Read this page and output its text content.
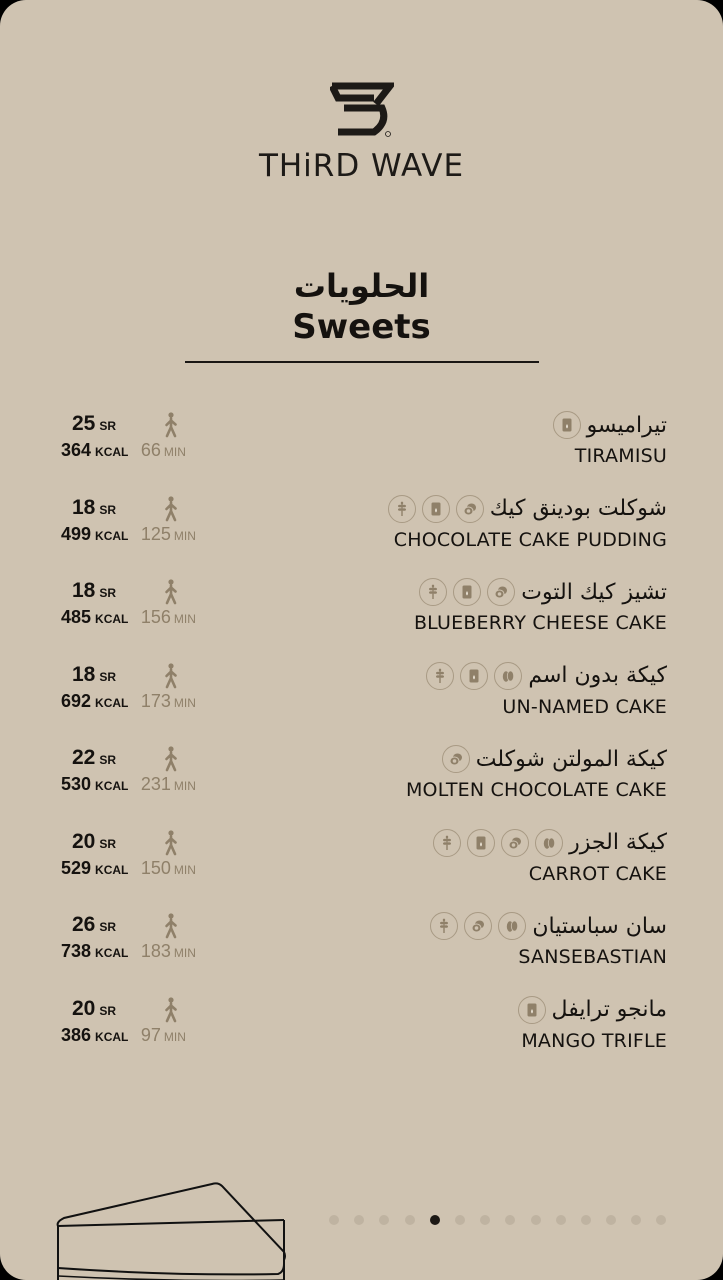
THiRD WAVE
الحلويات
Sweets
25 SR
364 KCAL 66 MIN
تيراميسو
TIRAMISU
18 SR
499 KCAL 125 MIN
شوكلت بودينق كيك
CHOCOLATE CAKE PUDDING
18 SR
485 KCAL 156 MIN
تشيز كيك التوت
BLUEBERRY CHEESE CAKE
18 SR
692 KCAL 173 MIN
كيكة بدون اسم
UN-NAMED CAKE
22 SR
530 KCAL 231 MIN
كيكة المولتن شوكلت
MOLTEN CHOCOLATE CAKE
20 SR
529 KCAL 150 MIN
كيكة الجزر
CARROT CAKE
26 SR
738 KCAL 183 MIN
سان سباستيان
SANSEBASTIAN
20 SR
386 KCAL 97 MIN
مانجو ترايفل
MANGO TRIFLE
